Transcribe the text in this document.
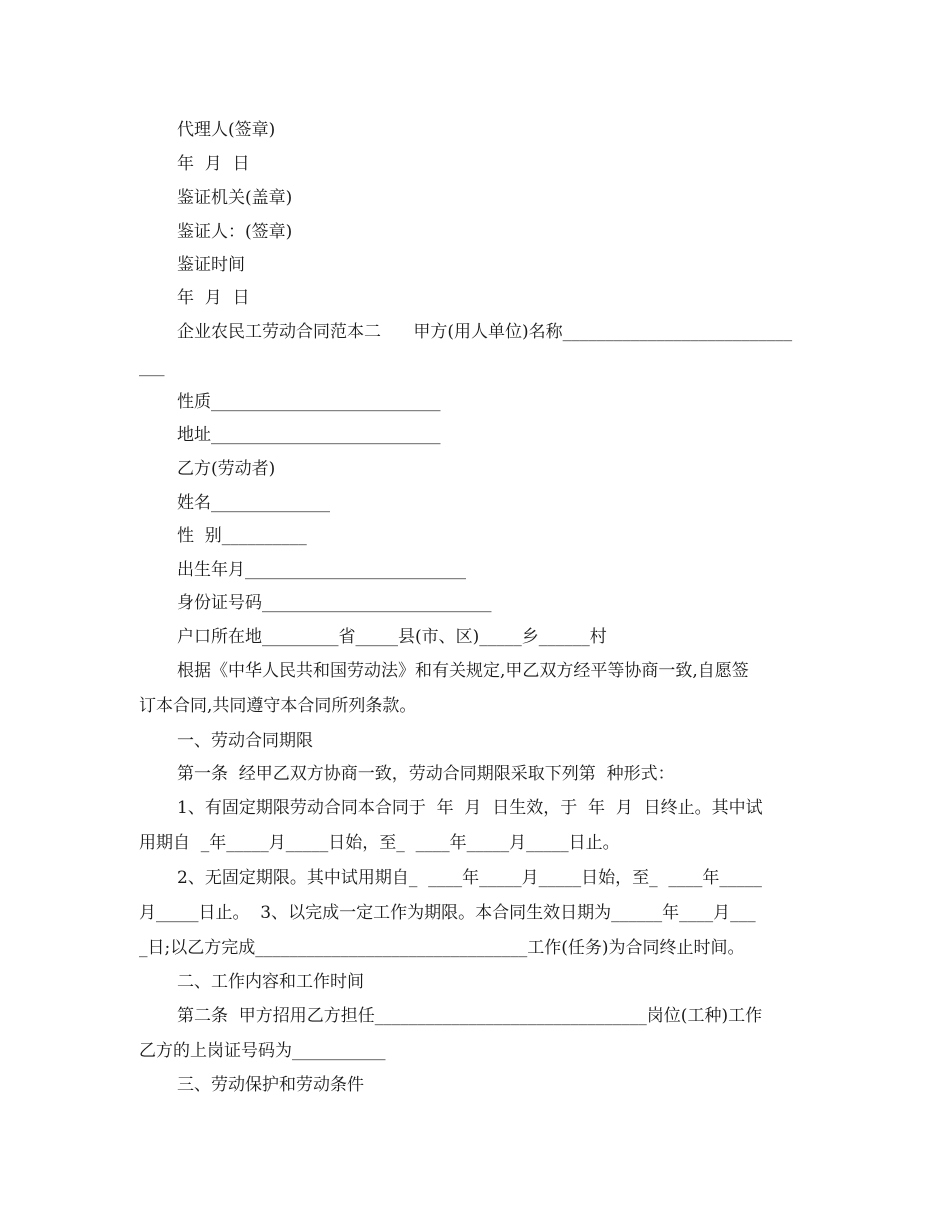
代理人(签章)
年  月  日
鉴证机关(盖章)
鉴证人：(签章)
鉴证时间
年  月  日
企业农民工劳动合同范本二      甲方(用人单位)名称___________________________
___
性质___________________________
地址___________________________
乙方(劳动者)
姓名______________
性  别__________
出生年月__________________________
身份证号码___________________________
户口所在地_________省_____县(市、区)_____乡______村
根据《中华人民共和国劳动法》和有关规定,甲乙双方经平等协商一致,自愿签
订本合同,共同遵守本合同所列条款。
一、劳动合同期限
第一条  经甲乙双方协商一致，劳动合同期限采取下列第  种形式：
1、有固定期限劳动合同本合同于  年  月  日生效，于  年  月  日终止。其中试
用期自  _年_____月_____日始，至_  ____年_____月_____日止。
2、无固定期限。其中试用期自_  ____年_____月_____日始，至_  ____年_____
月_____日止。  3、以完成一定工作为期限。本合同生效日期为______年____月___
_日;以乙方完成________________________________工作(任务)为合同终止时间。
二、工作内容和工作时间
第二条  甲方招用乙方担任________________________________岗位(工种)工作
乙方的上岗证号码为___________
三、劳动保护和劳动条件
